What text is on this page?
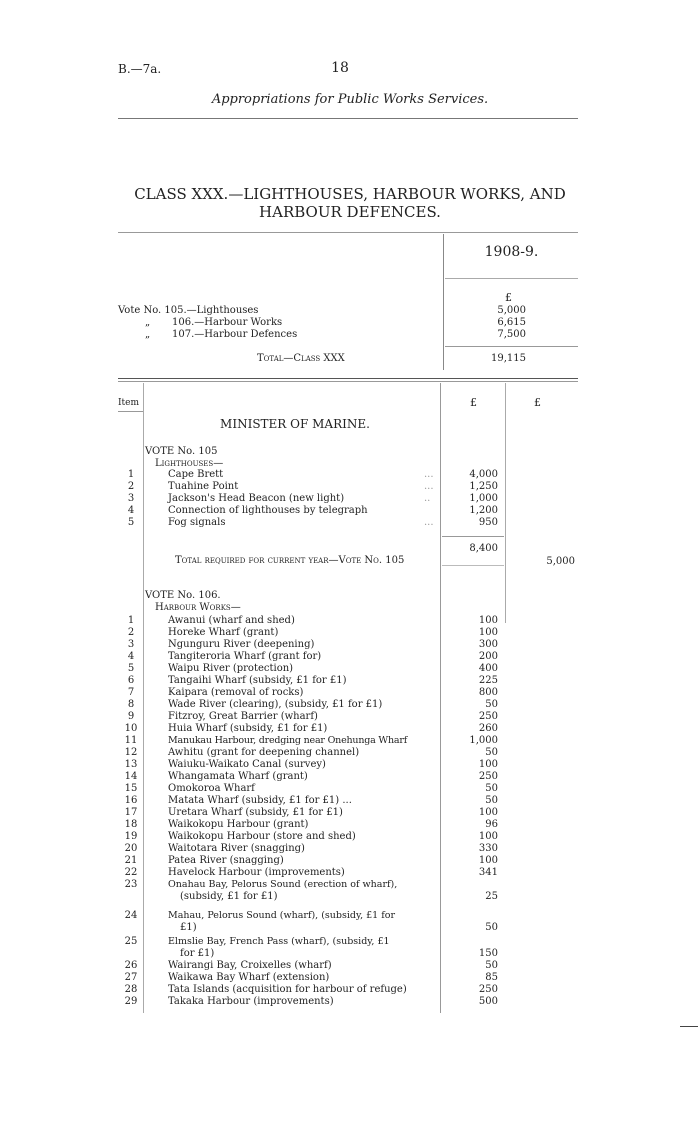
B.—7a.	18
Appropriations for Public Works Services.
CLASS XXX.—LIGHTHOUSES, HARBOUR WORKS, AND
HARBOUR DEFENCES.
1908-9.
£
Vote No. 105.—Lighthouses	5,000
„ 106.—Harbour Works	6,615
„ 107.—Harbour Defences	7,500
Total—Class XXX	19,115
Item	£	£
MINISTER OF MARINE.
VOTE No. 105
Lighthouses—
1	Cape Brett	...	4,000
2	Tuahine Point	...	1,250
3	Jackson's Head Beacon (new light)	..	1,000
4	Connection of lighthouses by telegraph	1,200
5	Fog signals	...	950
8,400
Total required for current year—Vote No. 105	5,000
VOTE No. 106.
Harbour Works—
1	Awanui (wharf and shed)	100
2	Horeke Wharf (grant)	100
3	Ngunguru River (deepening)	300
4	Tangiteroria Wharf (grant for)	200
5	Waipu River (protection)	400
6	Tangaihi Wharf (subsidy, £1 for £1)	225
7	Kaipara (removal of rocks)	800
8	Wade River (clearing), (subsidy, £1 for £1)	50
9	Fitzroy, Great Barrier (wharf)	250
10	Huia Wharf (subsidy, £1 for £1)	260
11	Manukau Harbour, dredging near Onehunga Wharf	1,000
12	Awhitu (grant for deepening channel)	50
13	Waiuku-Waikato Canal (survey)	100
14	Whangamata Wharf (grant)	250
15	Omokoroa Wharf	50
16	Matata Wharf (subsidy, £1 for £1) ...	50
17	Uretara Wharf (subsidy, £1 for £1)	100
18	Waikokopu Harbour (grant)	96
19	Waikokopu Harbour (store and shed)	100
20	Waitotara River (snagging)	330
21	Patea River (snagging)	100
22	Havelock Harbour (improvements)	341
23	Onahau Bay, Pelorus Sound (erection of wharf),
(subsidy, £1 for £1)	25
24	Mahau, Pelorus Sound (wharf), (subsidy, £1 for
£1)	50
25	Elmslie Bay, French Pass (wharf), (subsidy, £1
for £1)	150
26	Wairangi Bay, Croixelles (wharf)	50
27	Waikawa Bay Wharf (extension)	85
28	Tata Islands (acquisition for harbour of refuge)	250
29	Takaka Harbour (improvements)	500
